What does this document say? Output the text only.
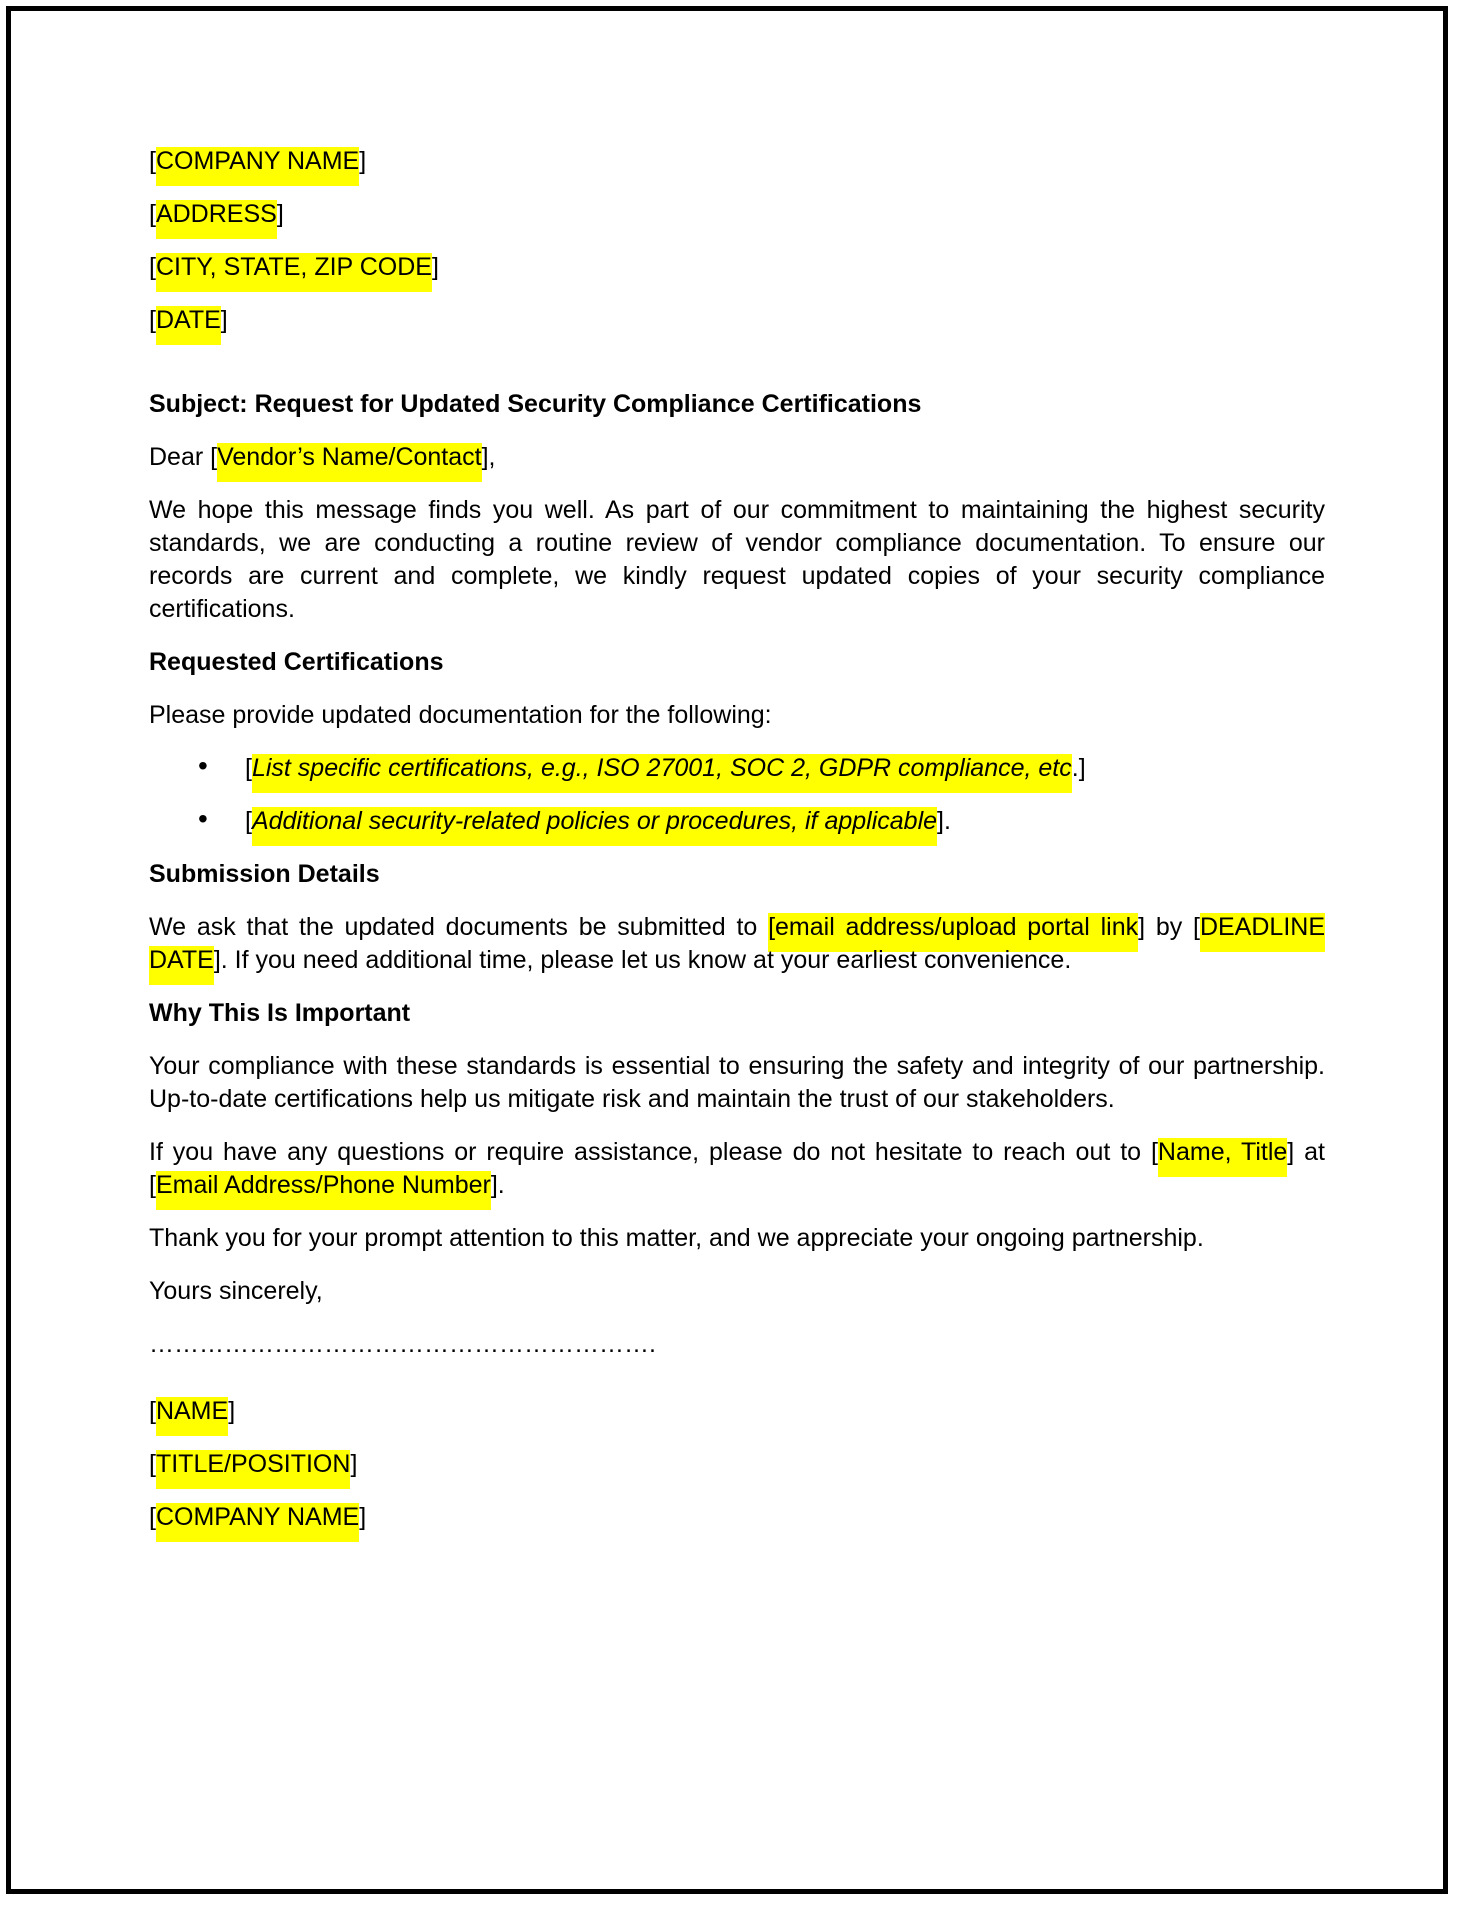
[COMPANY NAME]

[ADDRESS]

[CITY, STATE, ZIP CODE]

[DATE]

Subject: Request for Updated Security Compliance Certifications

Dear [Vendor’s Name/Contact],

We hope this message finds you well. As part of our commitment to maintaining the highest security standards, we are conducting a routine review of vendor compliance documentation. To ensure our records are current and complete, we kindly request updated copies of your security compliance certifications.

Requested Certifications

Please provide updated documentation for the following:

• [List specific certifications, e.g., ISO 27001, SOC 2, GDPR compliance, etc.]
• [Additional security-related policies or procedures, if applicable].

Submission Details

We ask that the updated documents be submitted to [email address/upload portal link] by [DEADLINE DATE]. If you need additional time, please let us know at your earliest convenience.

Why This Is Important

Your compliance with these standards is essential to ensuring the safety and integrity of our partnership. Up-to-date certifications help us mitigate risk and maintain the trust of our stakeholders.

If you have any questions or require assistance, please do not hesitate to reach out to [Name, Title] at [Email Address/Phone Number].

Thank you for your prompt attention to this matter, and we appreciate your ongoing partnership.

Yours sincerely,

…………………………………………………….

[NAME]

[TITLE/POSITION]

[COMPANY NAME]
